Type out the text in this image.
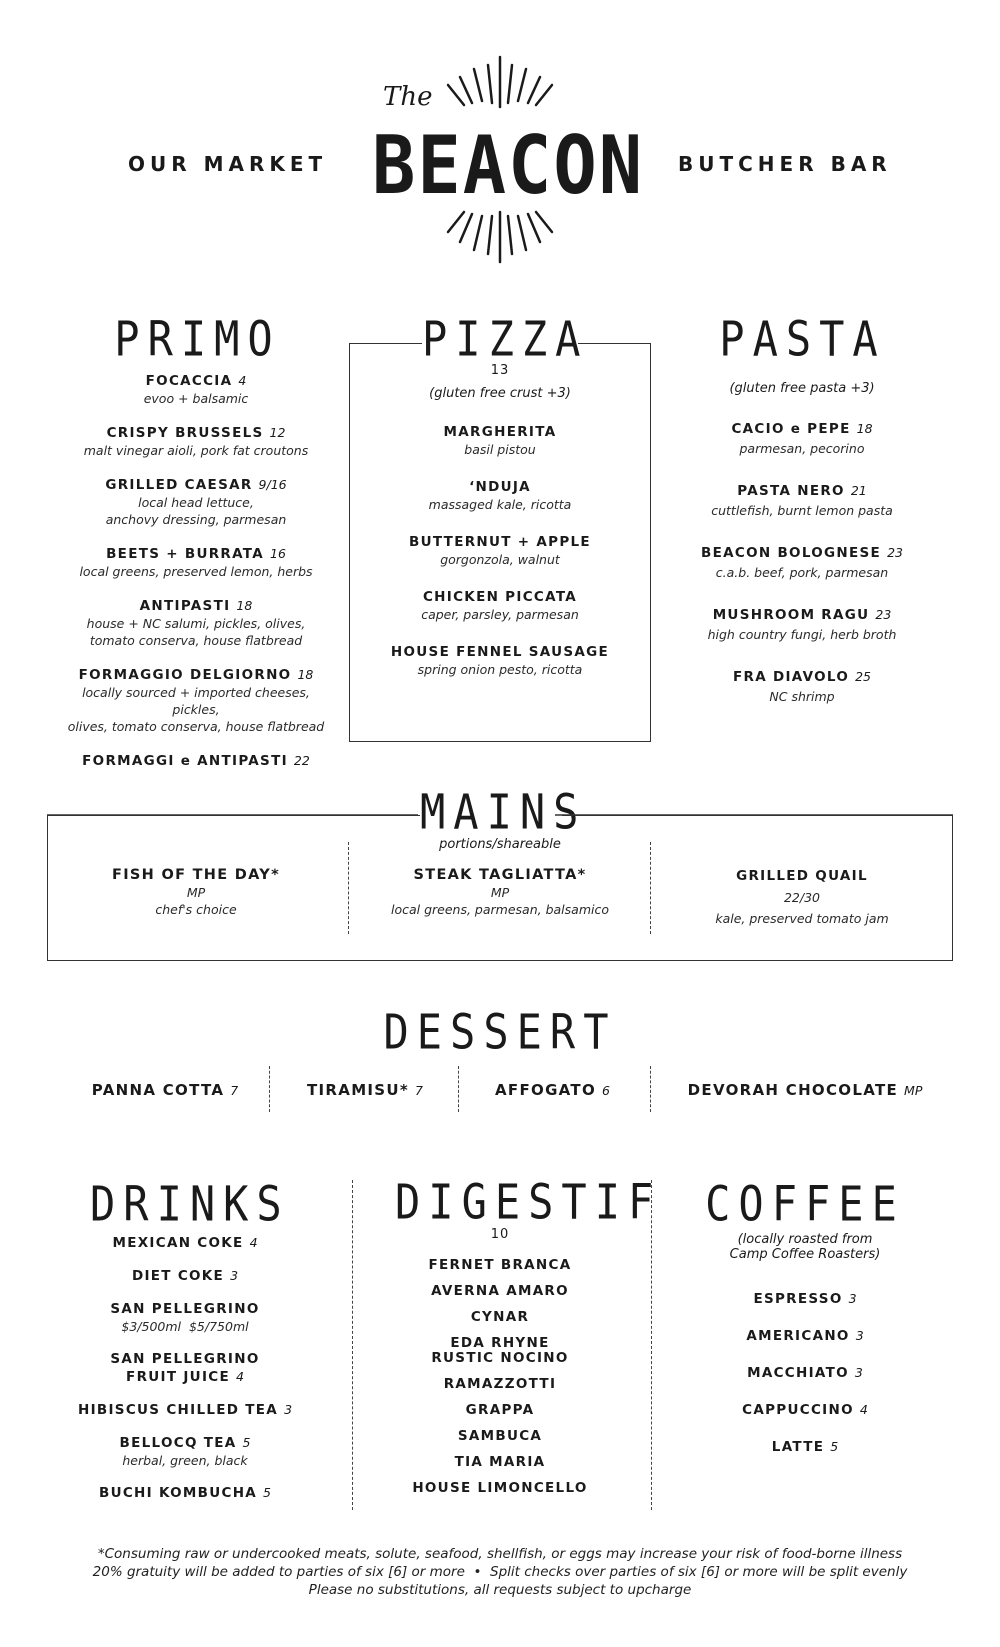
OUR MARKET	BUTCHER BAR
The
BEACON
PRIMO
FOCACCIA 4
evoo + balsamic
CRISPY BRUSSELS 12
malt vinegar aioli, pork fat croutons
GRILLED CAESAR 9/16
local head lettuce,
anchovy dressing, parmesan
BEETS + BURRATA 16
local greens, preserved lemon, herbs
ANTIPASTI 18
house + NC salumi, pickles, olives,
tomato conserva, house flatbread
FORMAGGIO DELGIORNO 18
locally sourced + imported cheeses, pickles,
olives, tomato conserva, house flatbread
FORMAGGI e ANTIPASTI 22
PIZZA
13
(gluten free crust +3)
MARGHERITA
basil pistou
‘NDUJA
massaged kale, ricotta
BUTTERNUT + APPLE
gorgonzola, walnut
CHICKEN PICCATA
caper, parsley, parmesan
HOUSE FENNEL SAUSAGE
spring onion pesto, ricotta
PASTA
(gluten free pasta +3)
CACIO e PEPE 18
parmesan, pecorino
PASTA NERO 21
cuttlefish, burnt lemon pasta
BEACON BOLOGNESE 23
c.a.b. beef, pork, parmesan
MUSHROOM RAGU 23
high country fungi, herb broth
FRA DIAVOLO 25
NC shrimp
MAINS
portions/shareable
FISH OF THE DAY*
MP
chef's choice
STEAK TAGLIATTA*
MP
local greens, parmesan, balsamico
GRILLED QUAIL
22/30
kale, preserved tomato jam
DESSERT
PANNA COTTA 7	TIRAMISU* 7	AFFOGATO 6	DEVORAH CHOCOLATE MP
DRINKS
MEXICAN COKE 4
DIET COKE 3
SAN PELLEGRINO
$3/500ml  $5/750ml
SAN PELLEGRINO
FRUIT JUICE 4
HIBISCUS CHILLED TEA 3
BELLOCQ TEA 5
herbal, green, black
BUCHI KOMBUCHA 5
DIGESTIF
10
FERNET BRANCA
AVERNA AMARO
CYNAR
EDA RHYNE
RUSTIC NOCINO
RAMAZZOTTI
GRAPPA
SAMBUCA
TIA MARIA
HOUSE LIMONCELLO
COFFEE
(locally roasted from
Camp Coffee Roasters)
ESPRESSO 3
AMERICANO 3
MACCHIATO 3
CAPPUCCINO 4
LATTE 5
*Consuming raw or undercooked meats, solute, seafood, shellfish, or eggs may increase your risk of food-borne illness
20% gratuity will be added to parties of six [6] or more  •  Split checks over parties of six [6] or more will be split evenly
Please no substitutions, all requests subject to upcharge
